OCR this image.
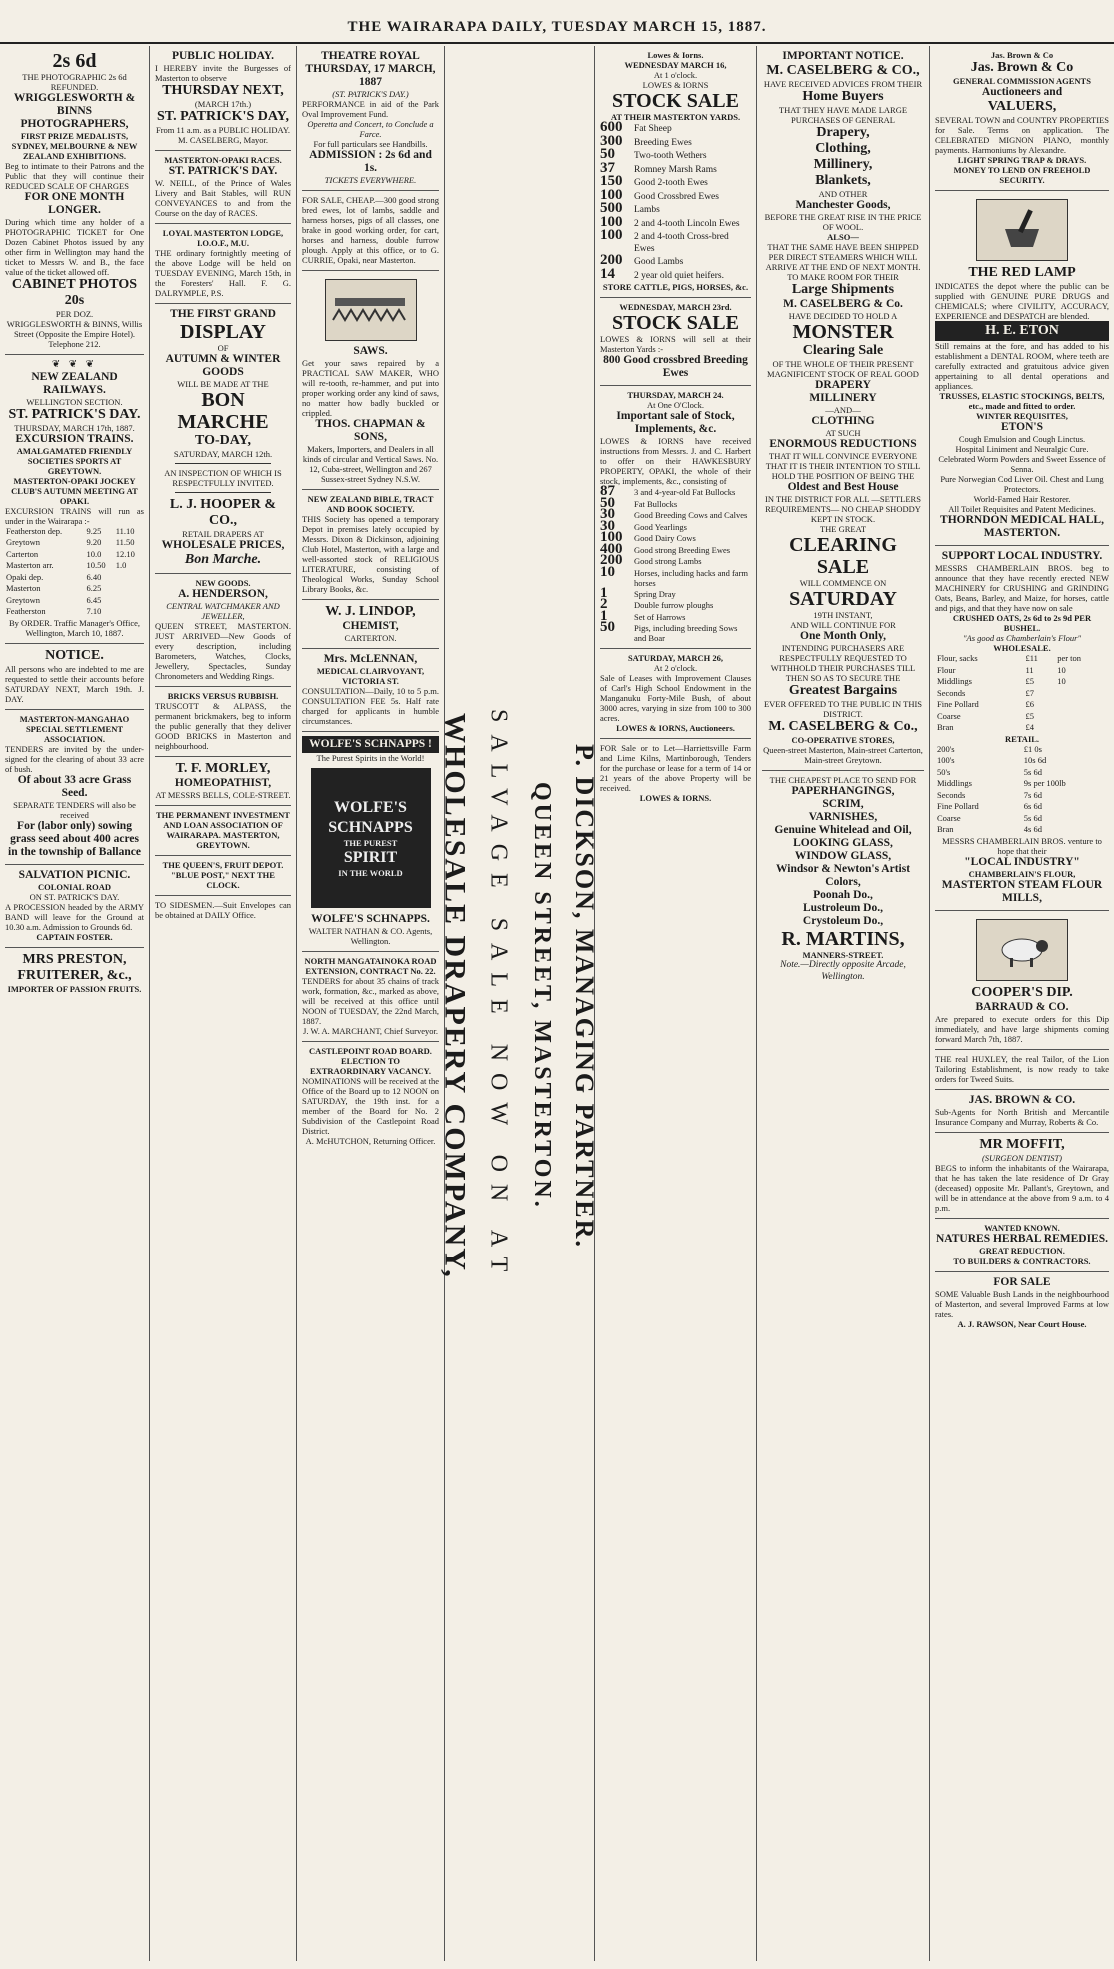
THE WAIRARAPA DAILY, TUESDAY MARCH 15, 1887.
2s 6d
THE PHOTOGRAPHIC 2s 6d REFUNDED.
WRIGGLESWORTH & BINNS PHOTOGRAPHERS,
FIRST PRIZE MEDALISTS, SYDNEY, MELBOURNE & NEW ZEALAND EXHIBITIONS.
Beg to intimate to their Patrons and the Public that they will continue their REDUCED SCALE OF CHARGES
FOR ONE MONTH LONGER.
During which time any holder of a PHOTOGRAPHIC TICKET for One Dozen Cabinet Photos issued by any other firm in Wellington may hand the ticket to Messrs W. and B., the face value of the ticket allowed off.
CABINET PHOTOS 20s
PER DOZ.
WRIGGLESWORTH & BINNS, Willis Street (Opposite the Empire Hotel). Telephone 212.
❦ ❦ ❦
NEW ZEALAND RAILWAYS.
WELLINGTON SECTION.
ST. PATRICK'S DAY.
THURSDAY, MARCH 17th, 1887.
EXCURSION TRAINS.
AMALGAMATED FRIENDLY SOCIETIES SPORTS AT GREYTOWN.
MASTERTON-OPAKI JOCKEY CLUB'S AUTUMN MEETING AT OPAKI.
EXCURSION TRAINS will run as under in the Wairarapa :-
Featherston dep.	9.25	11.10
Greytown	9.20	11.50
Carterton	10.0	12.10
Masterton arr.	10.50	1.0
Opaki dep.	6.40	
Masterton	6.25	
Greytown	6.45	
Featherston	7.10	
By ORDER. Traffic Manager's Office, Wellington, March 10, 1887.
NOTICE.
All persons who are indebted to me are requested to settle their accounts before SATURDAY NEXT, March 19th. J. DAY.
MASTERTON-MANGAHAO SPECIAL SETTLEMENT ASSOCIATION.
TENDERS are invited by the under-signed for the clearing of about 33 acre of bush.
Of about 33 acre Grass Seed.
SEPARATE TENDERS will also be received
For (labor only) sowing grass seed about 400 acres in the township of Ballance
SALVATION PICNIC.
COLONIAL ROAD
ON ST. PATRICK'S DAY.
A PROCESSION headed by the ARMY BAND will leave for the Ground at 10.30 a.m. Admission to Grounds 6d.
CAPTAIN FOSTER.
MRS PRESTON, FRUITERER, &c.,
IMPORTER OF PASSION FRUITS.
PUBLIC HOLIDAY.
I HEREBY invite the Burgesses of Masterton to observe
THURSDAY NEXT,
(MARCH 17th.)
ST. PATRICK'S DAY,
From 11 a.m. as a PUBLIC HOLIDAY. M. CASELBERG, Mayor.
MASTERTON-OPAKI RACES.
ST. PATRICK'S DAY.
W. NEILL, of the Prince of Wales Livery and Bait Stables, will RUN CONVEYANCES to and from the Course on the day of RACES.
LOYAL MASTERTON LODGE, I.O.O.F., M.U.
THE ordinary fortnightly meeting of the above Lodge will be held on TUESDAY EVENING, March 15th, in the Foresters' Hall. F. G. DALRYMPLE, P.S.
THE FIRST GRAND
DISPLAY
OF
AUTUMN & WINTER GOODS
WILL BE MADE AT THE
BON MARCHE
TO-DAY,
SATURDAY, MARCH 12th.
AN INSPECTION OF WHICH IS RESPECTFULLY INVITED.
L. J. HOOPER & CO.,
RETAIL DRAPERS AT
WHOLESALE PRICES,
Bon Marche.
NEW GOODS.
A. HENDERSON,
CENTRAL WATCHMAKER AND JEWELLER,
QUEEN STREET, MASTERTON. JUST ARRIVED—New Goods of every description, including Barometers, Watches, Clocks, Jewellery, Spectacles, Sunday Chronometers and Wedding Rings.
BRICKS VERSUS RUBBISH.
TRUSCOTT & ALPASS, the permanent brickmakers, beg to inform the public generally that they deliver GOOD BRICKS in Masterton and neighbourhood.
T. F. MORLEY,
HOMEOPATHIST,
AT MESSRS BELLS, COLE-STREET.
THE PERMANENT INVESTMENT AND LOAN ASSOCIATION OF WAIRARAPA. MASTERTON, GREYTOWN.
THE QUEEN'S, FRUIT DEPOT. "BLUE POST," NEXT THE CLOCK.
TO SIDESMEN.—Suit Envelopes can be obtained at DAILY Office.
THEATRE ROYAL
THURSDAY, 17 MARCH, 1887
(ST. PATRICK'S DAY.)
PERFORMANCE in aid of the Park Oval Improvement Fund.
Operetta and Concert, to Conclude a Farce.
For full particulars see Handbills.
ADMISSION : 2s 6d and 1s.
TICKETS EVERYWHERE.
FOR SALE, CHEAP.—300 good strong bred ewes, lot of lambs, saddle and harness horses, pigs of all classes, one brake in good working order, for cart, horses and harness, double furrow plough. Apply at this office, or to G. CURRIE, Opaki, near Masterton.
SAWS.
Get your saws repaired by a PRACTICAL SAW MAKER, WHO will re-tooth, re-hammer, and put into proper working order any kind of saws, no matter how badly buckled or crippled.
THOS. CHAPMAN & SONS,
Makers, Importers, and Dealers in all kinds of circular and Vertical Saws. No. 12, Cuba-street, Wellington and 267 Sussex-street Sydney N.S.W.
NEW ZEALAND BIBLE, TRACT AND BOOK SOCIETY.
THIS Society has opened a temporary Depot in premises lately occupied by Messrs. Dixon & Dickinson, adjoining Club Hotel, Masterton, with a large and well-assorted stock of RELIGIOUS LITERATURE, consisting of Theological Works, Sunday School Library Books, &c.
W. J. LINDOP,
CHEMIST,
CARTERTON.
Mrs. McLENNAN,
MEDICAL CLAIRVOYANT, VICTORIA ST.
CONSULTATION—Daily, 10 to 5 p.m. CONSULTATION FEE 5s. Half rate charged for applicants in humble circumstances.
WOLFE'S SCHNAPPS !
The Purest Spirits in the World!
WOLFE'S
SCHNAPPS
THE PUREST
SPIRIT
IN THE WORLD
WOLFE'S SCHNAPPS.
WALTER NATHAN & CO. Agents, Wellington.
NORTH MANGATAINOKA ROAD EXTENSION, CONTRACT No. 22.
TENDERS for about 35 chains of track work, formation, &c., marked as above, will be received at this office until NOON of TUESDAY, the 22nd March, 1887.
J. W. A. MARCHANT, Chief Surveyor.
CASTLEPOINT ROAD BOARD.
ELECTION TO EXTRAORDINARY VACANCY.
NOMINATIONS will be received at the Office of the Board up to 12 NOON on SATURDAY, the 19th inst. for a member of the Board for No. 2 Subdivision of the Castlepoint Road District.
A. McHUTCHON, Returning Officer. WHOLESALE DRAPERY COMPANY, SALVAGE SALE NOW ON AT QUEEN STREET, MASTERTON. P. DICKSON, MANAGING PARTNER.
Lowes & Iorns.
WEDNESDAY MARCH 16,
At 1 o'clock.
LOWES & IORNS
STOCK SALE
AT THEIR MASTERTON YARDS.
600	Fat Sheep
300	Breeding Ewes
50	Two-tooth Wethers
37	Romney Marsh Rams
150	Good 2-tooth Ewes
100	Good Crossbred Ewes
500	Lambs
100	2 and 4-tooth Lincoln Ewes
100	2 and 4-tooth Cross-bred Ewes
200	Good Lambs
14	2 year old quiet heifers.
STORE CATTLE, PIGS, HORSES, &c.
WEDNESDAY, MARCH 23rd.
STOCK SALE
LOWES & IORNS will sell at their Masterton Yards :-
800 Good crossbred Breeding Ewes
THURSDAY, MARCH 24.
At One O'Clock.
Important sale of Stock, Implements, &c.
LOWES & IORNS have received instructions from Messrs. J. and C. Harbert to offer on their HAWKESBURY PROPERTY, OPAKI, the whole of their stock, implements, &c., consisting of
87	3 and 4-year-old Fat Bullocks
50	Fat Bullocks
30	Good Breeding Cows and Calves
30	Good Yearlings
100	Good Dairy Cows
400	Good strong Breeding Ewes
200	Good strong Lambs
10	Horses, including hacks and farm horses
1	Spring Dray
2	Double furrow ploughs
1	Set of Harrows
50	Pigs, including breeding Sows and Boar
SATURDAY, MARCH 26,
At 2 o'clock.
Sale of Leases with Improvement Clauses of Carl's High School Endowment in the Manganuku Forty-Mile Bush, of about 3000 acres, varying in size from 100 to 300 acres.
LOWES & IORNS, Auctioneers.
FOR Sale or to Let—Harriettsville Farm and Lime Kilns, Martinborough, Tenders for the purchase or lease for a term of 14 or 21 years of the above Property will be received.
LOWES & IORNS.
IMPORTANT NOTICE.
M. CASELBERG & CO.,
HAVE RECEIVED ADVICES FROM THEIR
Home Buyers
THAT THEY HAVE MADE LARGE PURCHASES OF GENERAL
Drapery,
Clothing,
Millinery,
Blankets,
AND OTHER
Manchester Goods,
BEFORE THE GREAT RISE IN THE PRICE OF WOOL.
ALSO—
THAT THE SAME HAVE BEEN SHIPPED PER DIRECT STEAMERS WHICH WILL ARRIVE AT THE END OF NEXT MONTH.
TO MAKE ROOM FOR THEIR
Large Shipments
M. CASELBERG & Co.
HAVE DECIDED TO HOLD A
MONSTER
Clearing Sale
OF THE WHOLE OF THEIR PRESENT MAGNIFICENT STOCK OF REAL GOOD
DRAPERY
MILLINERY
—AND—
CLOTHING
AT SUCH
ENORMOUS REDUCTIONS
THAT IT WILL CONVINCE EVERYONE THAT IT IS THEIR INTENTION TO STILL HOLD THE POSITION OF BEING THE
Oldest and Best House
IN THE DISTRICT FOR ALL —SETTLERS REQUIREMENTS— NO CHEAP SHODDY KEPT IN STOCK.
THE GREAT
CLEARING
SALE
WILL COMMENCE ON
SATURDAY
19TH INSTANT,
AND WILL CONTINUE FOR
One Month Only,
INTENDING PURCHASERS ARE RESPECTFULLY REQUESTED TO WITHHOLD THEIR PURCHASES TILL THEN SO AS TO SECURE THE
Greatest Bargains
EVER OFFERED TO THE PUBLIC IN THIS DISTRICT.
M. CASELBERG & Co.,
CO-OPERATIVE STORES,
Queen-street Masterton, Main-street Carterton, Main-street Greytown.
THE CHEAPEST PLACE TO SEND FOR
PAPERHANGINGS,
SCRIM,
VARNISHES,
Genuine Whitelead and Oil,
LOOKING GLASS,
WINDOW GLASS,
Windsor & Newton's Artist Colors,
Poonah Do.,
Lustroleum Do.,
Crystoleum Do.,
R. MARTINS,
MANNERS-STREET.
Note.—Directly opposite Arcade, Wellington.
Jas. Brown & Co
Jas. Brown & Co
GENERAL COMMISSION AGENTS
Auctioneers and
VALUERS,
SEVERAL TOWN and COUNTRY PROPERTIES for Sale. Terms on application. The CELEBRATED MIGNON PIANO, monthly payments. Harmoniums by Alexandre.
LIGHT SPRING TRAP & DRAYS.
MONEY TO LEND ON FREEHOLD SECURITY.
THE RED LAMP
INDICATES the depot where the public can be supplied with GENUINE PURE DRUGS and CHEMICALS; where CIVILITY, ACCURACY, EXPERIENCE and DESPATCH are blended.
H. E. ETON
Still remains at the fore, and has added to his establishment a DENTAL ROOM, where teeth are carefully extracted and gratuitous advice given appertaining to all dental operations and appliances.
TRUSSES, ELASTIC STOCKINGS, BELTS, etc., made and fitted to order.
WINTER REQUISITES,
ETON'S
Cough Emulsion and Cough Linctus.
Hospital Liniment and Neuralgic Cure.
Celebrated Worm Powders and Sweet Essence of Senna.
Pure Norwegian Cod Liver Oil. Chest and Lung Protectors.
World-Famed Hair Restorer.
All Toilet Requisites and Patent Medicines.
THORNDON MEDICAL HALL, MASTERTON.
SUPPORT LOCAL INDUSTRY.
MESSRS CHAMBERLAIN BROS. beg to announce that they have recently erected NEW MACHINERY for CRUSHING and GRINDING Oats, Beans, Barley, and Maize, for horses, cattle and pigs, and that they have now on sale
CRUSHED OATS, 2s 6d to 2s 9d PER BUSHEL.
"As good as Chamberlain's Flour"
WHOLESALE.
Flour, sacks	£11	per ton
Flour	11	10
Middlings	£5	10
Seconds	£7	
Fine Pollard	£6	
Coarse	£5	
Bran	£4	
RETAIL.
200's	£1 0s
100's	10s 6d
50's	5s 6d
Middlings	9s per 100lb
Seconds	7s 6d
Fine Pollard	6s 6d
Coarse	5s 6d
Bran	4s 6d
MESSRS CHAMBERLAIN BROS. venture to hope that their
"LOCAL INDUSTRY"
CHAMBERLAIN'S FLOUR,
MASTERTON STEAM FLOUR MILLS,
COOPER'S DIP.
BARRAUD & CO.
Are prepared to execute orders for this Dip immediately, and have large shipments coming forward March 7th, 1887.
THE real HUXLEY, the real Tailor, of the Lion Tailoring Establishment, is now ready to take orders for Tweed Suits.
JAS. BROWN & CO.
Sub-Agents for North British and Mercantile Insurance Company and Murray, Roberts & Co.
MR MOFFIT,
(SURGEON DENTIST)
BEGS to inform the inhabitants of the Wairarapa, that he has taken the late residence of Dr Gray (deceased) opposite Mr. Pallant's, Greytown, and will be in attendance at the above from 9 a.m. to 4 p.m.
WANTED KNOWN.
NATURES HERBAL REMEDIES.
GREAT REDUCTION.
TO BUILDERS & CONTRACTORS.
FOR SALE
SOME Valuable Bush Lands in the neighbourhood of Masterton, and several Improved Farms at low rates.
A. J. RAWSON, Near Court House.
